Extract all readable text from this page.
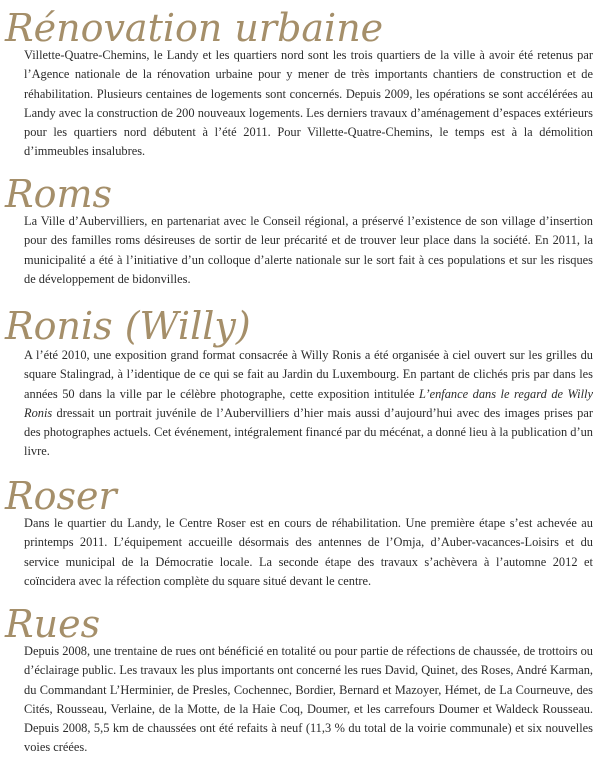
Rénovation urbaine

Villette-Quatre-Chemins, le Landy et les quartiers nord sont les trois quartiers de la ville à avoir été retenus par l’Agence nationale de la rénovation urbaine pour y mener de très importants chantiers de construction et de réhabilitation. Plusieurs centaines de logements sont concernés. Depuis 2009, les opérations se sont accélérées au Landy avec la construction de 200 nouveaux logements. Les derniers travaux d’aménagement d’espaces extérieurs pour les quartiers nord débutent à l’été 2011. Pour Villette-Quatre-Chemins, le temps est à la démolition d’immeubles insalubres.

Roms

La Ville d’Aubervilliers, en partenariat avec le Conseil régional, a préservé l’existence de son village d’insertion pour des familles roms désireuses de sortir de leur précarité et de trouver leur place dans la société. En 2011, la municipalité a été à l’initiative d’un colloque d’alerte nationale sur le sort fait à ces populations et sur les risques de développement de bidonvilles.

Ronis (Willy)

A l’été 2010, une exposition grand format consacrée à Willy Ronis a été organisée à ciel ouvert sur les grilles du square Stalingrad, à l’identique de ce qui se fait au Jardin du Luxembourg. En partant de clichés pris par dans les années 50 dans la ville par le célèbre photographe, cette exposition intitulée L’enfance dans le regard de Willy Ronis dressait un portrait juvénile de l’Aubervilliers d’hier mais aussi d’aujourd’hui avec des images prises par des photographes actuels. Cet événement, intégralement financé par du mécénat, a donné lieu à la publication d’un livre.

Roser

Dans le quartier du Landy, le Centre Roser est en cours de réhabilitation. Une première étape s’est achevée au printemps 2011. L’équipement accueille désormais des antennes de l’Omja, d’Auber-vacances-Loisirs et du service municipal de la Démocratie locale. La seconde étape des travaux s’achèvera à l’automne 2012 et coïncidera avec la réfection complète du square situé devant le centre.

Rues

Depuis 2008, une trentaine de rues ont bénéficié en totalité ou pour partie de réfections de chaussée, de trottoirs ou d’éclairage public. Les travaux les plus importants ont concerné les rues David, Quinet, des Roses, André Karman, du Commandant L’Herminier, de Presles, Cochennec, Bordier, Bernard et Mazoyer, Hémet, de La Courneuve, des Cités, Rousseau, Verlaine, de la Motte, de la Haie Coq, Doumer, et les carrefours Doumer et Waldeck Rousseau. Depuis 2008, 5,5 km de chaussées ont été refaits à neuf (11,3 % du total de la voirie communale) et six nouvelles voies créées.
